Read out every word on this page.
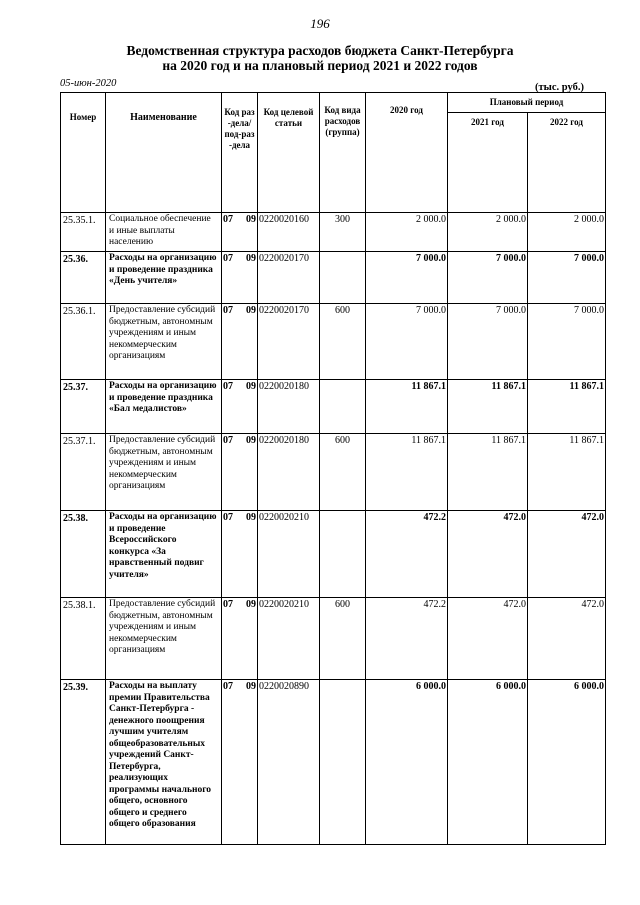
196
Ведомственная структура расходов бюджета Санкт-Петербурга
на 2020 год и на плановый период 2021 и 2022 годов
05-июн-2020	(тыс. руб.)
Номер	Наименование	Код раз-дела/ под-раз-дела	Код целевой статьи	Код вида расходов (группа)	2020 год	Плановый период	
						2021 год	2022 год
25.35.1.	Социальное обеспечение и иные выплаты населению	07 09	0220020160	300	2 000.0	2 000.0	2 000.0
25.36.	Расходы на организацию и проведение праздника «День учителя»	07 09	0220020170		7 000.0	7 000.0	7 000.0
25.36.1.	Предоставление субсидий бюджетным, автономным учреждениям и иным некоммерческим организациям	07 09	0220020170	600	7 000.0	7 000.0	7 000.0
25.37.	Расходы на организацию и проведение праздника «Бал медалистов»	07 09	0220020180		11 867.1	11 867.1	11 867.1
25.37.1.	Предоставление субсидий бюджетным, автономным учреждениям и иным некоммерческим организациям	07 09	0220020180	600	11 867.1	11 867.1	11 867.1
25.38.	Расходы на организацию и проведение Всероссийского конкурса «За нравственный подвиг учителя»	07 09	0220020210		472.2	472.0	472.0
25.38.1.	Предоставление субсидий бюджетным, автономным учреждениям и иным некоммерческим организациям	07 09	0220020210	600	472.2	472.0	472.0
25.39.	Расходы на выплату премии Правительства Санкт-Петербурга - денежного поощрения лучшим учителям общеобразовательных учреждений Санкт-Петербурга, реализующих программы начального общего, основного общего и среднего общего образования	07 09	0220020890		6 000.0	6 000.0	6 000.0
